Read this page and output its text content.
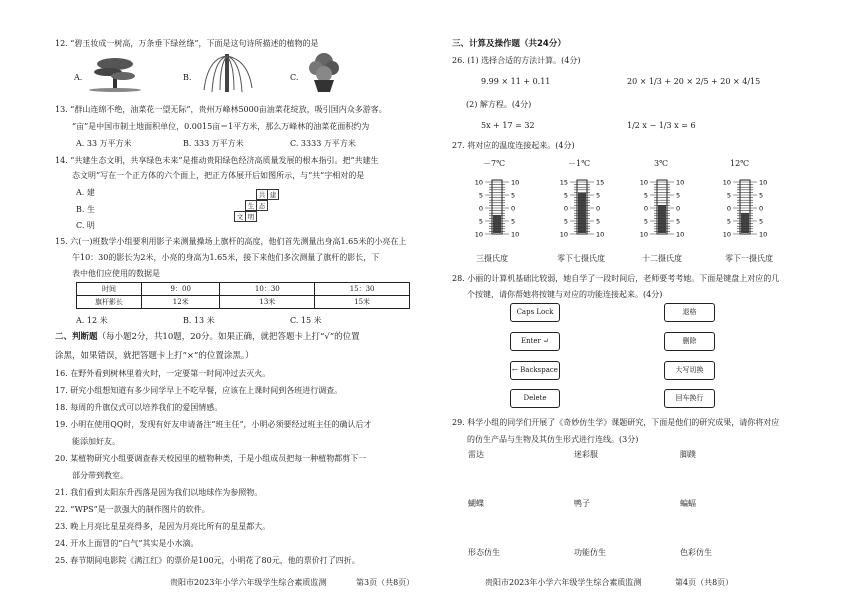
12. “碧玉妆成一树高，万条垂下绿丝绦”，下面是这句诗所描述的植物的是
A.	B.	C.
13. “群山连绵不绝，油菜花一望无际”，贵州万峰林5000亩油菜花绽放，吸引国内众多游客。
“亩”是中国市制土地面积单位，0.0015亩＝1平方米，那么万峰林的油菜花面积约为
A. 33 万平方米	B. 333 万平方米	C. 3333 万平方米
14. “共建生态文明，共享绿色未来”是推动贵阳绿色经济高质量发展的根本指引。把“共建生
态文明”写在一个正方体的六个面上，把正方体展开后如图所示，与“共”字相对的是
A. 建
B. 生
C. 明
共 建
生 态
文 明
15. 六(一)班数学小组要利用影子来测量操场上旗杆的高度，他们首先测量出身高1.65米的小亮在上
午10：30的影长为2米，小亮的身高为1.65米，接下来他们多次测量了旗杆的影长，下
表中他们应使用的数据是
时间	9：00	10：30	15：30
旗杆影长	12米	13米	15米
A. 12 米	B. 13 米	C. 15 米
二、判断题（每小题2分，共10题，20分。如果正确，就把答题卡上打“√”的位置
涂黑，如果错误，就把答题卡上打“×”的位置涂黑。）
16. 在野外看到树林里着火时，一定要第一时间冲过去灭火。
17. 研究小组想知道有多少同学早上不吃早餐，应该在上课时间到各班进行调查。
18. 每周的升旗仪式可以培养我们的爱国情感。
19. 小明在使用QQ时，发现有好友申请备注“班主任”，小明必须要经过班主任的确认后才
能添加好友。
20. 某植物研究小组要调查春天校园里的植物种类，于是小组成员把每一种植物都剪下一
部分带到教室。
21. 我们看到太阳东升西落是因为我们以地球作为参照物。
22. “WPS”是一款强大的制作图片的软件。
23. 晚上月亮比星星亮得多，是因为月亮比所有的星星都大。
24. 开水上面冒的“白气”其实是小水滴。
25. 春节期间电影院《满江红》的票价是100元，小明花了80元，他的票价打了四折。
贵阳市2023年小学六年级学生综合素质监测	第3页（共8页）
三、计算及操作题（共24分）
26. (1) 选择合适的方法计算。(4分)
9.99 × 11 + 0.11	20 × 1/3 + 20 × 2/5 + 20 × 4/15
(2) 解方程。(4分)
5x + 17 = 32	1/2 x − 1/3 x = 6
27. 将对应的温度连接起来。(4分)
－7℃	－1℃	3℃	12℃
10	10
5	5
0	0
5	5
10	10
15	15
5	5
0	0
5	5
10	10
10	10
5	5
0	0
5	5
10	10
10	10
5	5
0	0
5	5
10	10
三摄氏度	零下七摄氏度	十二摄氏度	零下一摄氏度
28. 小丽的计算机基础比较弱，她自学了一段时间后，老师要考考她。下面是键盘上对应的几
个按键，请你帮她将按键与对应的功能连接起来。(4分)
Caps Lock
Enter ↵
← Backspace
Delete
退格
删除
大写切换
回车换行
29. 科学小组的同学们开展了《奇妙仿生学》课题研究，下面是他们的研究成果，请你将对应
的仿生产品与生物及其仿生形式进行连线。(3分)
雷达	迷彩服	脚蹼
蝴蝶	鸭子	蝙蝠
形态仿生	功能仿生	色彩仿生
贵阳市2023年小学六年级学生综合素质监测	第4页（共8页）
